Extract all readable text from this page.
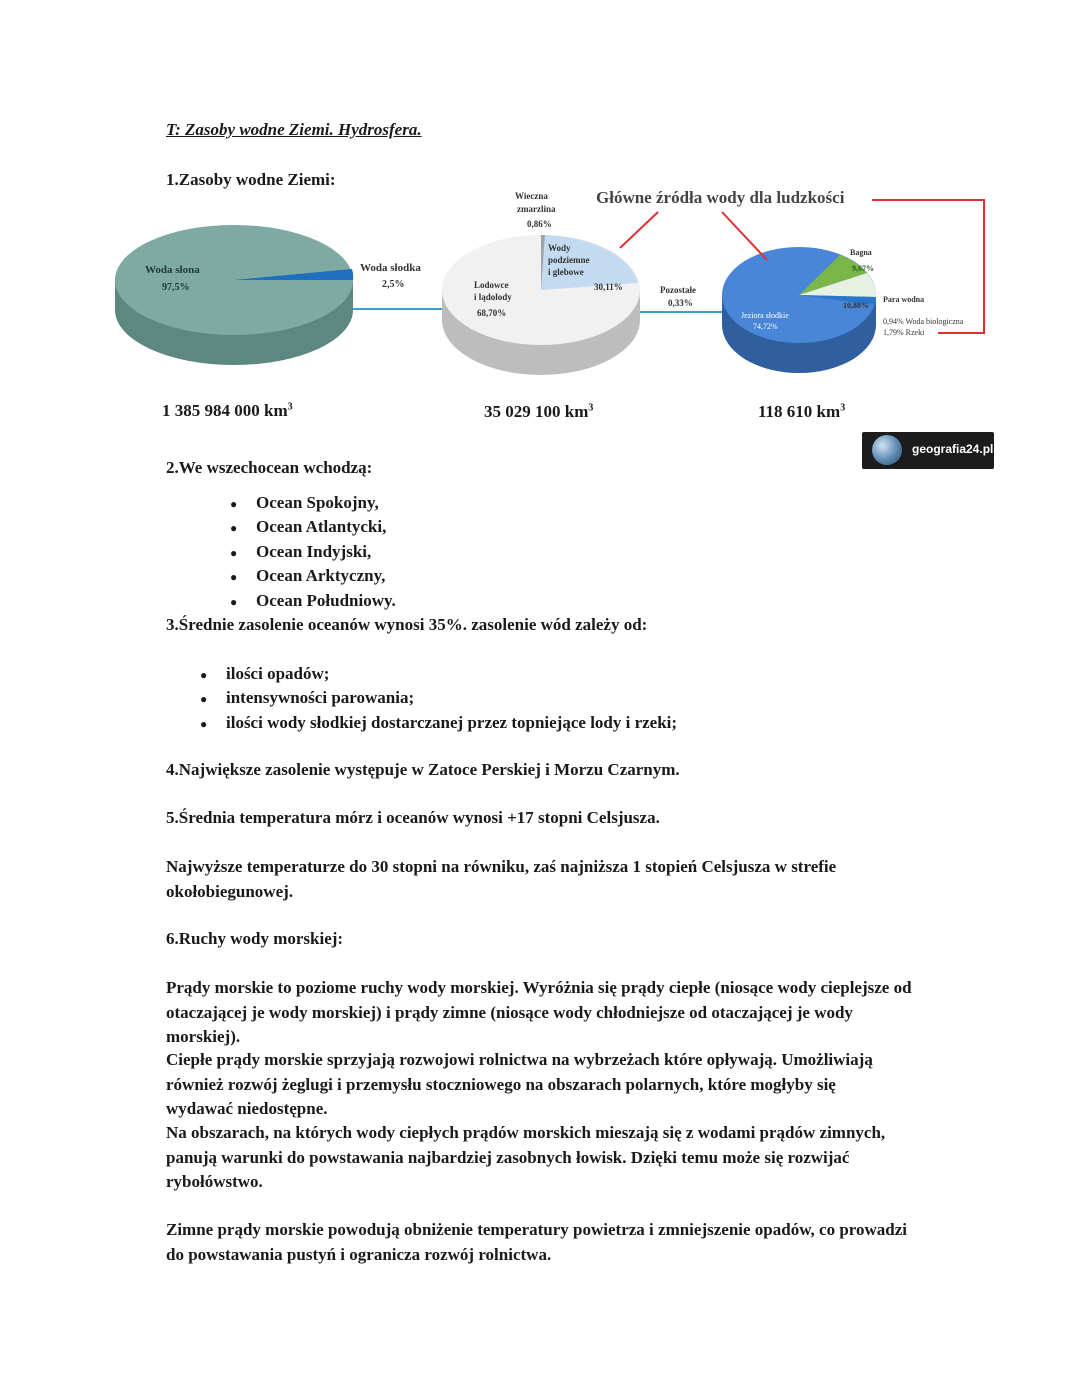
T: Zasoby wodne Ziemi. Hydrosfera.
1.Zasoby wodne Ziemi:
Woda słona
97,5%
Woda słodka
2,5%
Wieczna
zmarzlina
0,86%
Wody
podziemne
i glebowe
30,11%
Lodowce
i lądolody
68,70%
Pozostałe
0,33%
Jeziora słodkie
74,72%
9,67%
Bagna
10,88%
Para wodna
0,94% Woda biologiczna
1,79% Rzeki
Główne źródła wody dla ludzkości
1 385 984 000 $km^3$	35 029 100 $km^3$	118 610 $km^3$
geografia24.pl
2.We wszechocean wchodzą:
● Ocean Spokojny,
● Ocean Atlantycki,
● Ocean Indyjski,
● Ocean Arktyczny,
● Ocean Południowy.
3.Średnie zasolenie oceanów wynosi 35%. zasolenie wód zależy od:
● ilości opadów;
● intensywności parowania;
● ilości wody słodkiej dostarczanej przez topniejące lody i rzeki;
4.Największe zasolenie występuje w Zatoce Perskiej i Morzu Czarnym.
5.Średnia temperatura mórz i oceanów wynosi +17 stopni Celsjusza.
Najwyższe temperaturze do 30 stopni na równiku, zaś najniższa 1 stopień Celsjusza w strefie okołobiegunowej.
6.Ruchy wody morskiej:
Prądy morskie to poziome ruchy wody morskiej. Wyróżnia się prądy ciepłe (niosące wody cieplejsze od otaczającej je wody morskiej) i prądy zimne (niosące wody chłodniejsze od otaczającej je wody morskiej).
Ciepłe prądy morskie sprzyjają rozwojowi rolnictwa na wybrzeżach które opływają. Umożliwiają również rozwój żeglugi i przemysłu stoczniowego na obszarach polarnych, które mogłyby się wydawać niedostępne.
Na obszarach, na których wody ciepłych prądów morskich mieszają się z wodami prądów zimnych, panują warunki do powstawania najbardziej zasobnych łowisk. Dzięki temu może się rozwijać rybołówstwo.
Zimne prądy morskie powodują obniżenie temperatury powietrza i zmniejszenie opadów, co prowadzi do powstawania pustyń i ogranicza rozwój rolnictwa.
